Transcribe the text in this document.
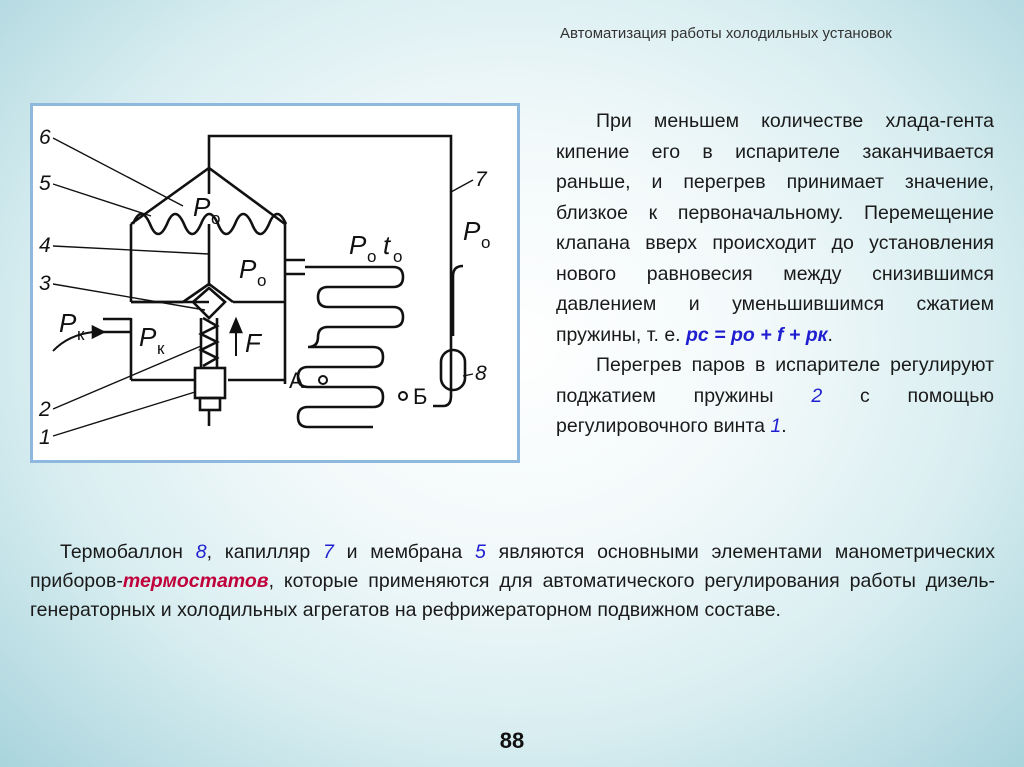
Автоматизация работы холодильных установок
6
5
4
3
2
1
7
8
P o
P o
P к P к	F
P o t o
P o
А
Б

При меньшем количестве хлада-гента кипение его в испарителе заканчивается раньше, и перегрев принимает значение, близкое к первоначальному. Перемещение клапана вверх происходит до установления нового равновесия между снизившимся давлением и уменьшившимся сжатием пружины, т. е. pc = po + f + pк.

Перегрев паров в испарителе регулируют поджатием пружины 2 с помощью регулировочного винта 1.

Термобаллон 8, капилляр 7 и мембрана 5 являются основными элементами манометрических приборов-термостатов, которые применяются для автоматического регулирования работы дизель-генераторных и холодильных агрегатов на рефрижераторном подвижном составе.
88
